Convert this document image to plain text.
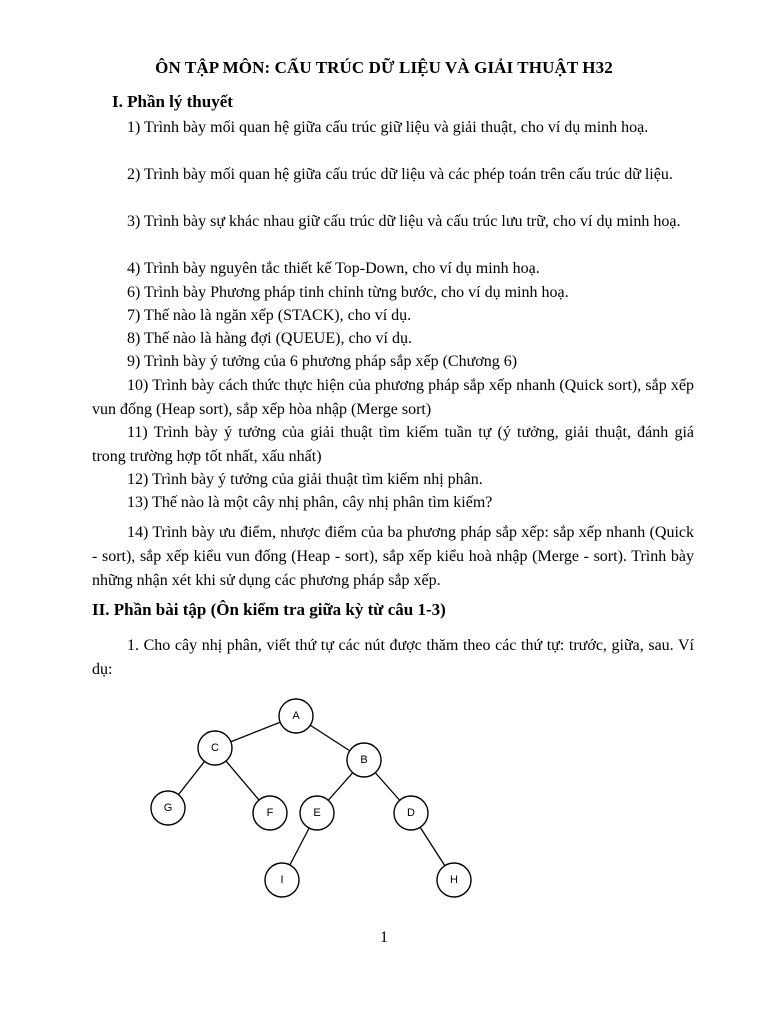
ÔN TẬP MÔN: CẤU TRÚC DỮ LIỆU VÀ GIẢI THUẬT H32
I. Phần lý thuyết
1) Trình bày mối quan hệ giữa cấu trúc giữ liệu và giải thuật, cho ví dụ minh hoạ.
2) Trình bày mối quan hệ giữa cấu trúc dữ liệu và các phép toán trên cấu trúc dữ liệu.
3) Trình bày sự khác nhau giữ cấu trúc dữ liệu và cấu trúc lưu trữ, cho ví dụ minh hoạ.
4) Trình bày nguyên tắc thiết kế Top-Down, cho ví dụ minh hoạ.
6) Trình bày Phương pháp tinh chỉnh từng bước, cho ví dụ minh hoạ.
7) Thế nào là ngăn xếp (STACK), cho ví dụ.
8) Thế nào là hàng đợi (QUEUE), cho ví dụ.
9) Trình bày ý tưởng của 6 phương pháp sắp xếp (Chương 6)
10) Trình bày cách thức thực hiện của phương pháp sắp xếp nhanh (Quick sort), sắp xếp vun đống (Heap sort), sắp xếp hòa nhập (Merge sort)
11) Trình bày ý tưởng của giải thuật tìm kiếm tuần tự (ý tưởng, giải thuật, đánh giá trong trường hợp tốt nhất, xấu nhất)
12) Trình bày ý tưởng của giải thuật tìm kiếm nhị phân.
13) Thế nào là một cây nhị phân, cây nhị phân tìm kiếm?
14) Trình bày ưu điểm, nhược điểm của ba phương pháp sắp xếp: sắp xếp nhanh (Quick - sort), sắp xếp kiểu vun đống (Heap - sort), sắp xếp kiểu hoà nhập (Merge - sort). Trình bày những nhận xét khi sử dụng các phương pháp sắp xếp.
II. Phần bài tập (Ôn kiểm tra giữa kỳ từ câu 1-3)
1. Cho cây nhị phân, viết thứ tự các nút được thăm theo các thứ tự: trước, giữa, sau. Ví dụ:
A
C
B
G	F	E	D
I	H
1
